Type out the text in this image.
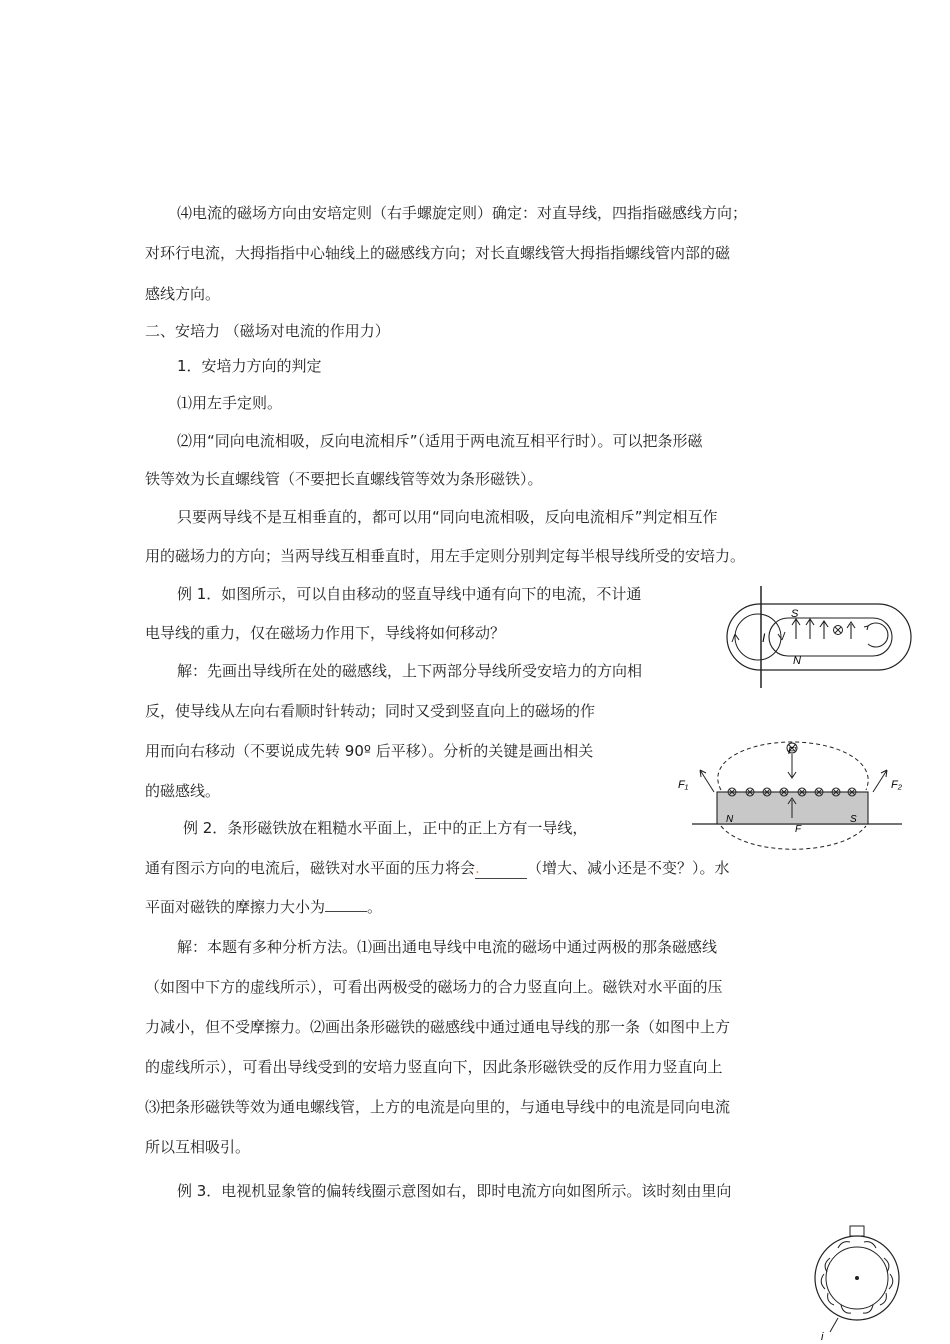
⑷电流的磁场方向由安培定则（右手螺旋定则）确定：对直导线，四指指磁感线方向；
对环行电流，大拇指指中心轴线上的磁感线方向；对长直螺线管大拇指指螺线管内部的磁
感线方向。
二、安培力 （磁场对电流的作用力）
1．安培力方向的判定
⑴用左手定则。
⑵用“同向电流相吸，反向电流相斥”（适用于两电流互相平行时）。可以把条形磁
铁等效为长直螺线管（不要把长直螺线管等效为条形磁铁）。
只要两导线不是互相垂直的，都可以用“同向电流相吸，反向电流相斥”判定相互作
用的磁场力的方向；当两导线互相垂直时，用左手定则分别判定每半根导线所受的安培力。
例 1．如图所示，可以自由移动的竖直导线中通有向下的电流，不计通
电导线的重力，仅在磁场力作用下，导线将如何移动？
解：先画出导线所在处的磁感线，上下两部分导线所受安培力的方向相
反，使导线从左向右看顺时针转动；同时又受到竖直向上的磁场的作
用而向右移动（不要说成先转 90º 后平移）。分析的关键是画出相关
的磁感线。
S
N
I
例 2．条形磁铁放在粗糙水平面上，正中的正上方有一导线，
通有图示方向的电流后，磁铁对水平面的压力将会.	（增大、减小还是不变？）。水
平面对磁铁的摩擦力大小为	。
解：本题有多种分析方法。⑴画出通电导线中电流的磁场中通过两极的那条磁感线
（如图中下方的虚线所示），可看出两极受的磁场力的合力竖直向上。磁铁对水平面的压
力减小，但不受摩擦力。⑵画出条形磁铁的磁感线中通过通电导线的那一条（如图中上方
的虚线所示），可看出导线受到的安培力竖直向下，因此条形磁铁受的反作用力竖直向上
⑶把条形磁铁等效为通电螺线管，上方的电流是向里的，与通电导线中的电流是同向电流
所以互相吸引。
F₁	F₂
F′
F
N	S
例 3．电视机显象管的偏转线圈示意图如右，即时电流方向如图所示。该时刻由里向
i
